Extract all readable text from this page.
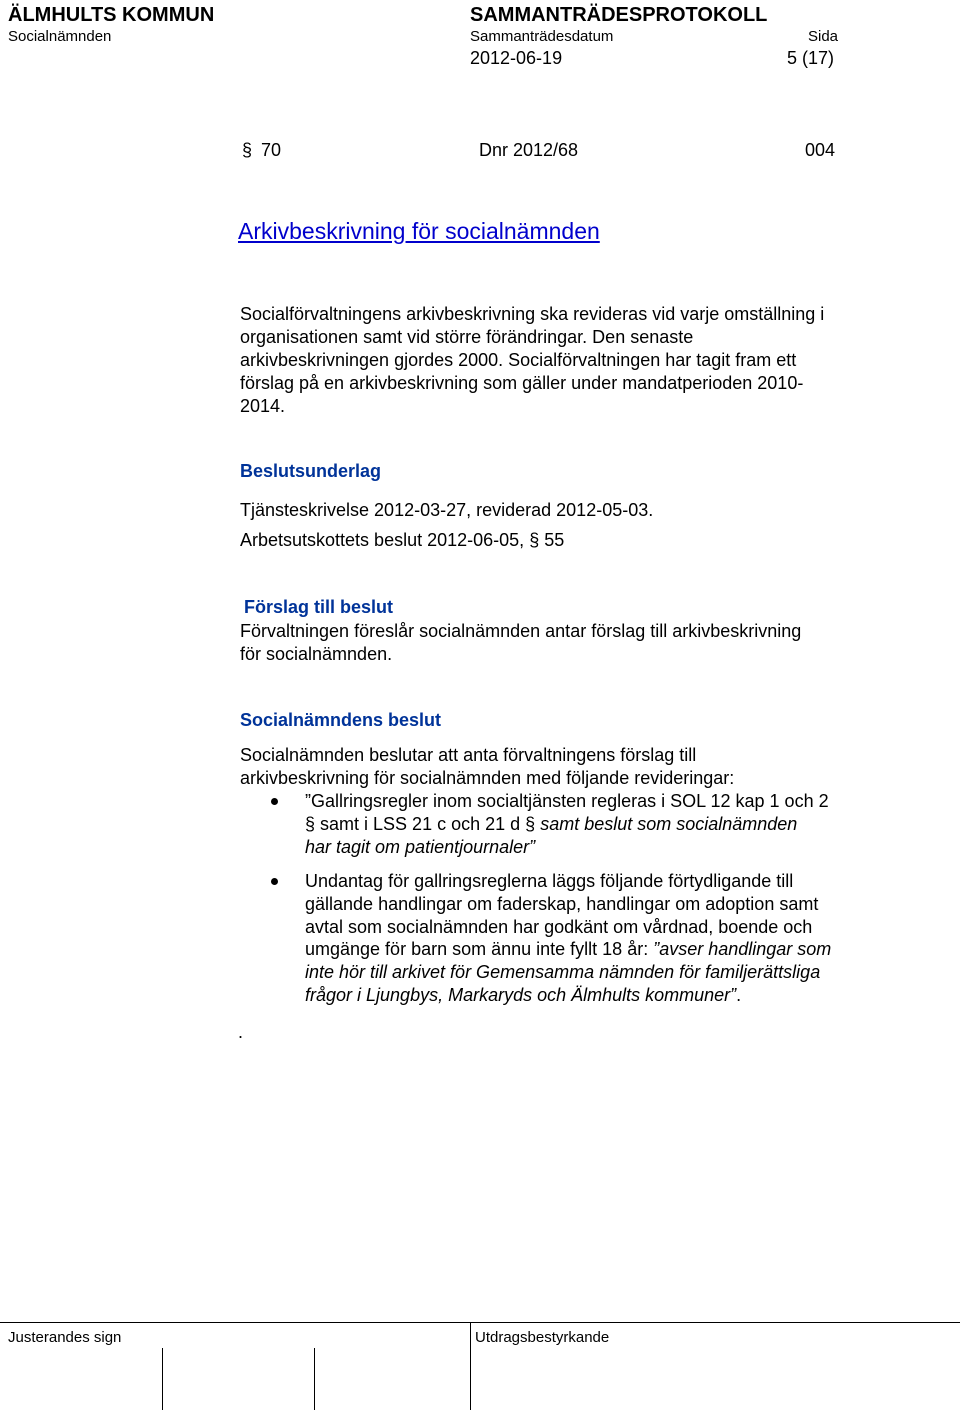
ÄLMHULTS KOMMUN	SAMMANTRÄDESPROTOKOLL
Socialnämnden	Sammanträdesdatum	Sida
2012-06-19	5 (17)
§ 70	Dnr 2012/68	004
Arkivbeskrivning för socialnämnden
Socialförvaltningens arkivbeskrivning ska revideras vid varje omställning i
organisationen samt vid större förändringar. Den senaste
arkivbeskrivningen gjordes 2000. Socialförvaltningen har tagit fram ett
förslag på en arkivbeskrivning som gäller under mandatperioden 2010-
2014.
Beslutsunderlag
Tjänsteskrivelse 2012-03-27, reviderad 2012-05-03.
Arbetsutskottets beslut 2012-06-05, § 55
Förslag till beslut
Förvaltningen föreslår socialnämnden antar förslag till arkivbeskrivning
för socialnämnden.
Socialnämndens beslut
Socialnämnden beslutar att anta förvaltningens förslag till
arkivbeskrivning för socialnämnden med följande revideringar:
”Gallringsregler inom socialtjänsten regleras i SOL 12 kap 1 och 2
§ samt i LSS 21 c och 21 d § samt beslut som socialnämnden
har tagit om patientjournaler”
Undantag för gallringsreglerna läggs följande förtydligande till
gällande handlingar om faderskap, handlingar om adoption samt
avtal som socialnämnden har godkänt om vårdnad, boende och
umgänge för barn som ännu inte fyllt 18 år: ”avser handlingar som
inte hör till arkivet för Gemensamma nämnden för familjerättsliga
frågor i Ljungbys, Markaryds och Älmhults kommuner”.
.
Justerandes sign	Utdragsbestyrkande
